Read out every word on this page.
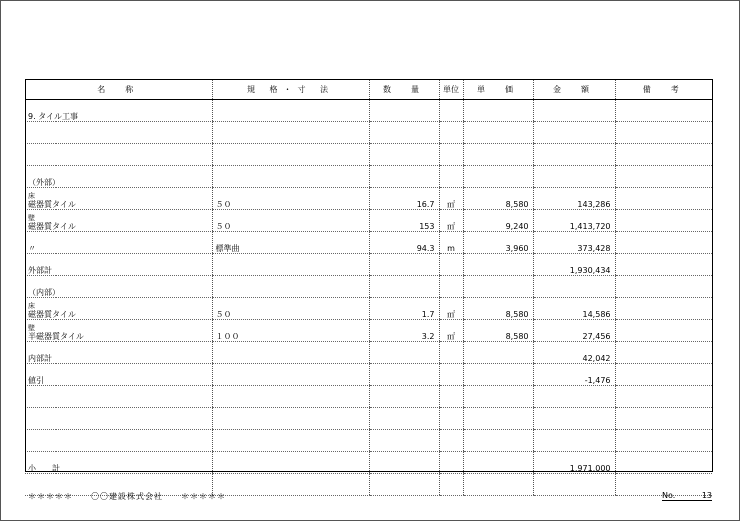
名　称	規 格・寸 法	数　量	単位	単　価	金　額	備　考
9. タイル工事						

（外部）						

床
磁器質タイル	５０	16.7	㎡	8,580	143,286	

壁
磁器質タイル	５０	153	㎡	9,240	1,413,720	
〃	標準曲	94.3	m	3,960	373,428	
外部計					1,930,434	
（内部）						

床
磁器質タイル	５０	1.7	㎡	8,580	14,586	

壁
半磁器質タイル	１００	3.2	㎡	8,580	27,456	
内部計					42,042	
値引					-1,476	

小　　計					1,971,000	

＊＊＊＊＊　　〇〇建設株式会社　　＊＊＊＊＊	No.	13
